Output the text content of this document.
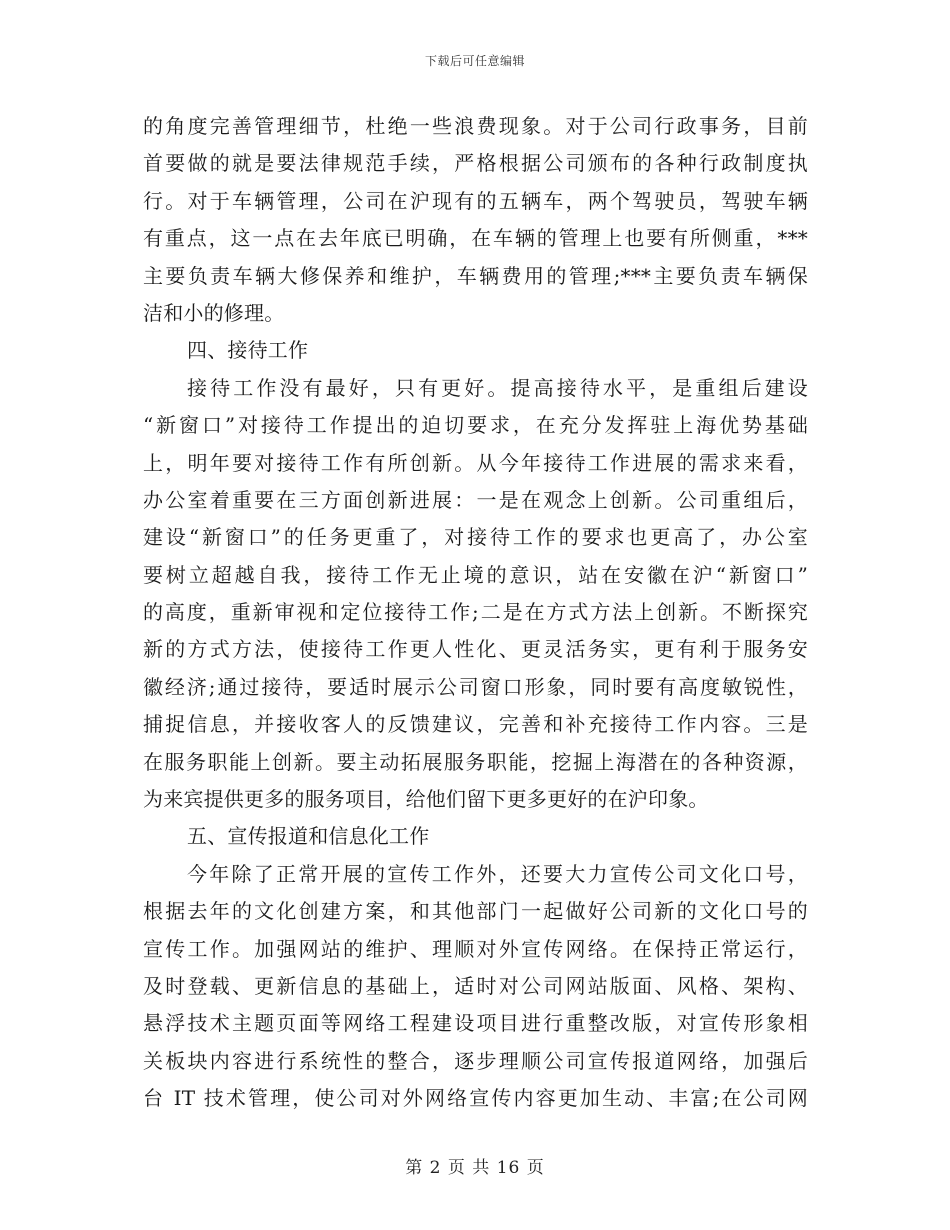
下载后可任意编辑
的角度完善管理细节，杜绝一些浪费现象。对于公司行政事务，目前
首要做的就是要法律规范手续，严格根据公司颁布的各种行政制度执
行。对于车辆管理，公司在沪现有的五辆车，两个驾驶员，驾驶车辆
有重点，这一点在去年底已明确，在车辆的管理上也要有所侧重，***
主要负责车辆大修保养和维护，车辆费用的管理;***主要负责车辆保
洁和小的修理。
四、接待工作
接待工作没有最好，只有更好。提高接待水平，是重组后建设
“新窗口”对接待工作提出的迫切要求，在充分发挥驻上海优势基础
上，明年要对接待工作有所创新。从今年接待工作进展的需求来看，
办公室着重要在三方面创新进展：一是在观念上创新。公司重组后，
建设“新窗口”的任务更重了，对接待工作的要求也更高了，办公室
要树立超越自我，接待工作无止境的意识，站在安徽在沪“新窗口”
的高度，重新审视和定位接待工作;二是在方式方法上创新。不断探究
新的方式方法，使接待工作更人性化、更灵活务实，更有利于服务安
徽经济;通过接待，要适时展示公司窗口形象，同时要有高度敏锐性，
捕捉信息，并接收客人的反馈建议，完善和补充接待工作内容。三是
在服务职能上创新。要主动拓展服务职能，挖掘上海潜在的各种资源，
为来宾提供更多的服务项目，给他们留下更多更好的在沪印象。
五、宣传报道和信息化工作
今年除了正常开展的宣传工作外，还要大力宣传公司文化口号，
根据去年的文化创建方案，和其他部门一起做好公司新的文化口号的
宣传工作。加强网站的维护、理顺对外宣传网络。在保持正常运行，
及时登载、更新信息的基础上，适时对公司网站版面、风格、架构、
悬浮技术主题页面等网络工程建设项目进行重整改版，对宣传形象相
关板块内容进行系统性的整合，逐步理顺公司宣传报道网络，加强后
台 IT 技术管理，使公司对外网络宣传内容更加生动、丰富;在公司网
第 2 页 共 16 页
